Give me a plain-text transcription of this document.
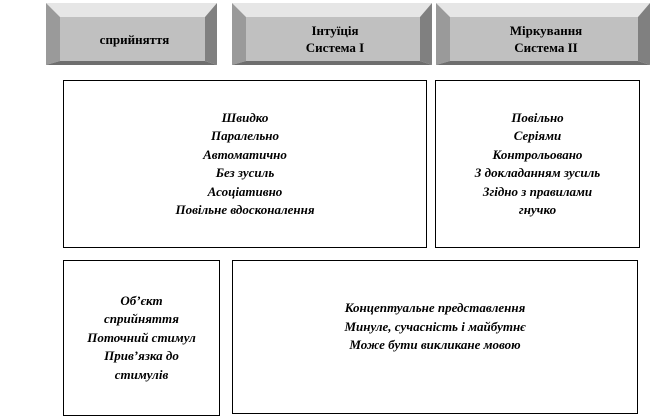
сприйняття
Інтуїція
Система І
Міркування
Система ІІ
Швидко
Паралельно
Автоматично
Без зусиль
Асоціативно
Повільне вдосконалення
Повільно
Серіями
Контрольовано
З докладанням зусиль
Згідно з правилами
гнучко
Об’єкт
сприйняття
Поточний стимул
Прив’язка до
стимулів
Концептуальне представлення
Минуле, сучасність і майбутнє
Може бути викликане мовою
